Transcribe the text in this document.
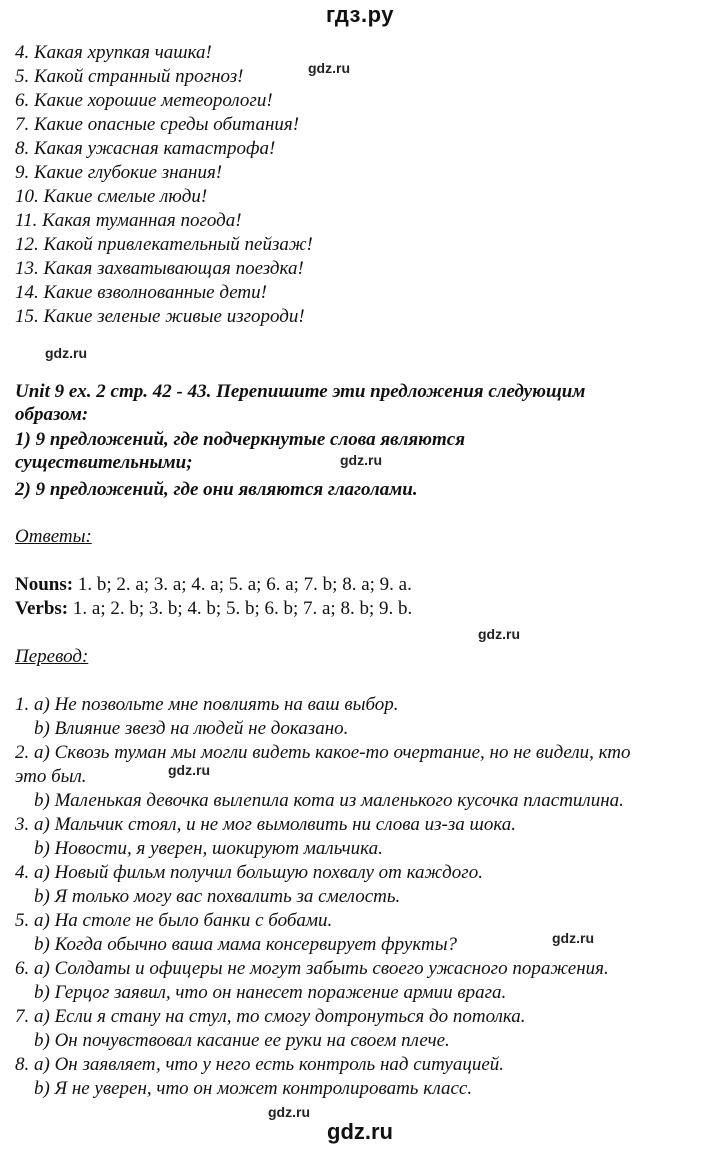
гдз.ру
gdz.ru
gdz.ru
gdz.ru
gdz.ru
gdz.ru
gdz.ru
gdz.ru
4. Какая хрупкая чашка!
5. Какой странный прогноз!
6. Какие хорошие метеорологи!
7. Какие опасные среды обитания!
8. Какая ужасная катастрофа!
9. Какие глубокие знания!
10. Какие смелые люди!
11. Какая туманная погода!
12. Какой привлекательный пейзаж!
13. Какая захватывающая поездка!
14. Какие взволнованные дети!
15. Какие зеленые живые изгороди!
Unit 9 ex. 2 стр. 42 - 43. Перепишите эти предложения следующим
образом:
1) 9 предложений, где подчеркнутые слова являются
существительными;
2) 9 предложений, где они являются глаголами.
Ответы:
Nouns: 1. b; 2. a; 3. a; 4. a; 5. a; 6. a; 7. b; 8. a; 9. a.
Verbs: 1. a; 2. b; 3. b; 4. b; 5. b; 6. b; 7. a; 8. b; 9. b.
Перевод:
1. a) Не позвольте мне повлиять на ваш выбор.
b) Влияние звезд на людей не доказано.
2. a) Сквозь туман мы могли видеть какое-то очертание, но не видели, кто
это был.
b) Маленькая девочка вылепила кота из маленького кусочка пластилина.
3. a) Мальчик стоял, и не мог вымолвить ни слова из-за шока.
b) Новости, я уверен, шокируют мальчика.
4. a) Новый фильм получил большую похвалу от каждого.
b) Я только могу вас похвалить за смелость.
5. a) На столе не было банки с бобами.
b) Когда обычно ваша мама консервирует фрукты?
6. a) Солдаты и офицеры не могут забыть своего ужасного поражения.
b) Герцог заявил, что он нанесет поражение армии врага.
7. a) Если я стану на стул, то смогу дотронуться до потолка.
b) Он почувствовал касание ее руки на своем плече.
8. a) Он заявляет, что у него есть контроль над ситуацией.
b) Я не уверен, что он может контролировать класс.
gdz.ru
